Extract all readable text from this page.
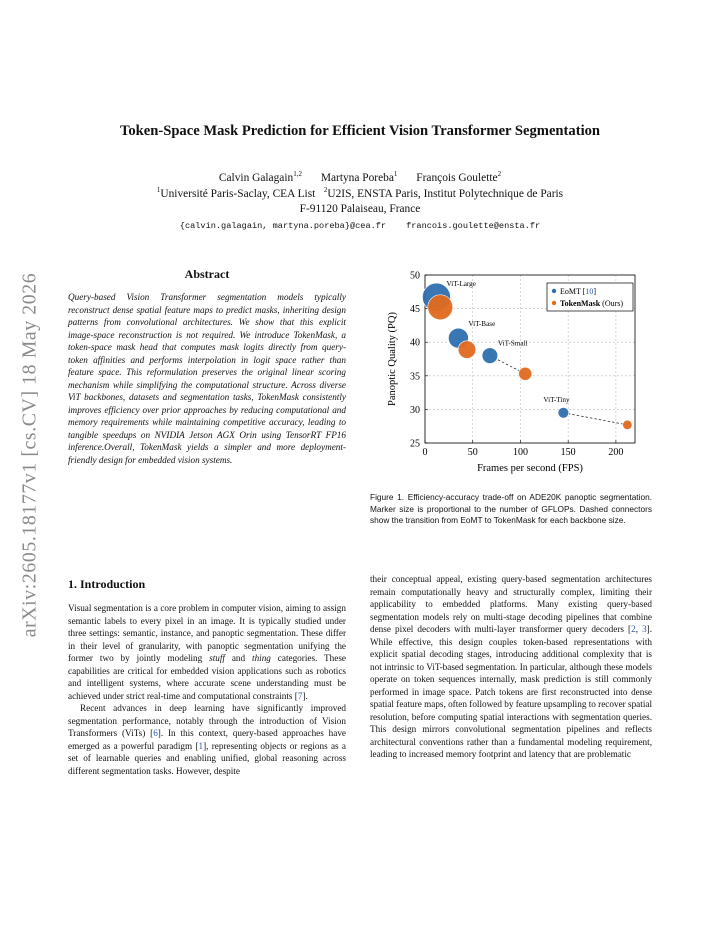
Token-Space Mask Prediction for Efficient Vision Transformer Segmentation
Calvin Galagain$^{1,2}$ Martyna Poreba$^1$ François Goulette$^2$
$^1$Université Paris-Saclay, CEA List $^2$U2IS, ENSTA Paris, Institut Polytechnique de Paris
F-91120 Palaiseau, France
{calvin.galagain, martyna.poreba}@cea.fr francois.goulette@ensta.fr
arXiv:2605.18177v1 [cs.CV] 18 May 2026	Abstract
Query-based Vision Transformer segmentation models typically reconstruct dense spatial feature maps to predict masks, inheriting design patterns from convolutional architectures. We show that this explicit image-space reconstruction is not required. We introduce TokenMask, a token-space mask head that computes mask logits directly from query-token affinities and performs interpolation in logit space rather than feature space. This reformulation preserves the original linear scoring mechanism while simplifying the computational structure. Across diverse ViT backbones, datasets and segmentation tasks, TokenMask consistently improves efficiency over prior approaches by reducing computational and memory requirements while maintaining competitive accuracy, leading to tangible speedups on NVIDIA Jetson AGX Orin using TensorRT FP16 inference.Overall, TokenMask yields a simpler and more deployment-friendly design for embedded vision systems.
1. Introduction

Visual segmentation is a core problem in computer vision, aiming to assign semantic labels to every pixel in an image. It is typically studied under three settings: semantic, instance, and panoptic segmentation. These differ in their level of granularity, with panoptic segmentation unifying the former two by jointly modeling stuff and thing categories. These capabilities are critical for embedded vision applications such as robotics and intelligent systems, where accurate scene understanding must be achieved under strict real-time and computational constraints [7].

Recent advances in deep learning have significantly improved segmentation performance, notably through the introduction of Vision Transformers (ViTs) [6]. In this context, query-based approaches have emerged as a powerful paradigm [1], representing objects or regions as a set of learnable queries and enabling unified, global reasoning across different segmentation tasks. However, despite

their conceptual appeal, existing query-based segmentation architectures remain computationally heavy and structurally complex, limiting their applicability to embedded platforms. Many existing query-based segmentation models rely on multi-stage decoding pipelines that combine dense pixel decoders with multi-layer transformer query decoders [2, 3]. While effective, this design couples token-based representations with explicit spatial decoding stages, introducing additional complexity that is not intrinsic to ViT-based segmentation. In particular, although these models operate on token sequences internally, mask prediction is still commonly performed in image space. Patch tokens are first reconstructed into dense spatial feature maps, often followed by feature upsampling to recover spatial resolution, before computing spatial interactions with segmentation queries. This design mirrors convolutional segmentation pipelines and reflects architectural conventions rather than a fundamental modeling requirement, leading to increased memory footprint and latency that are problematic

0	50	100	150	200
25
30
35
40
45
50
Frames per second (FPS)
Panoptic Quality (PQ)
ViT-Large
ViT-Base
ViT-Small
ViT-Tiny
EoMT [10]
TokenMask (Ours)
Figure 1. Efficiency-accuracy trade-off on ADE20K panoptic segmentation. Marker size is proportional to the number of GFLOPs. Dashed connectors show the transition from EoMT to TokenMask for each backbone size.
